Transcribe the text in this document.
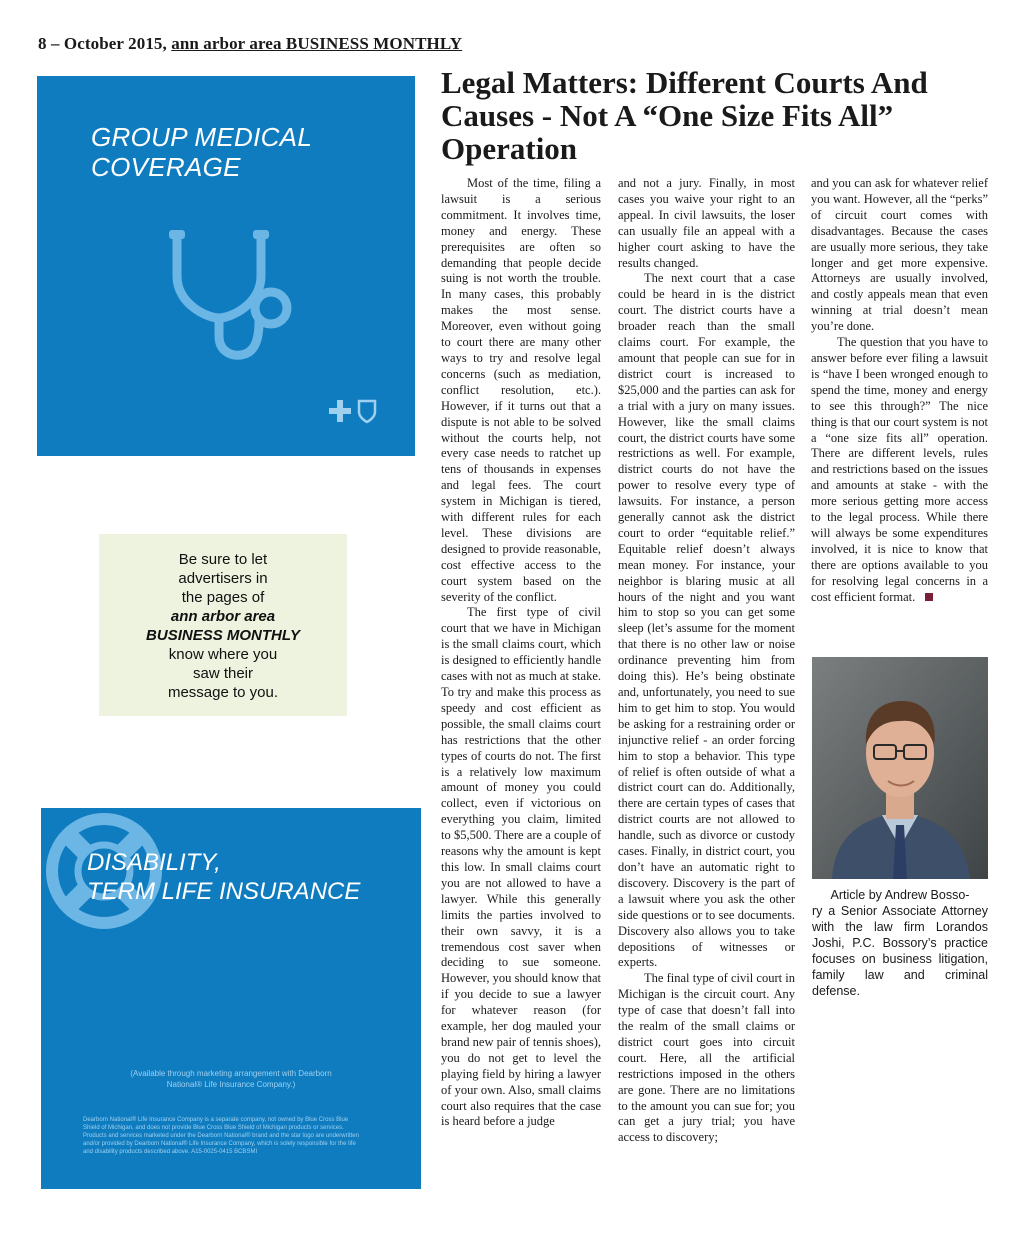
8 – October 2015, ann arbor area BUSINESS MONTHLY
GROUP MEDICAL
COVERAGE
Be sure to let
advertisers in
the pages of
ann arbor area
BUSINESS MONTHLY
know where you
saw their
message to you.
DISABILITY,
TERM LIFE INSURANCE
(Available through marketing arrangement with Dearborn National® Life Insurance Company.)
Dearborn National® Life Insurance Company is a separate company, not owned by Blue Cross Blue Shield of Michigan, and does not provide Blue Cross Blue Shield of Michigan products or services. Products and services marketed under the Dearborn National® brand and the star logo are underwritten and/or provided by Dearborn National® Life Insurance Company, which is solely responsible for the life and disability products described above. A15-0025-0415 BCBSMI
Legal Matters: Different Courts And Causes - Not A “One Size Fits All” Operation

Most of the time, filing a lawsuit is a serious commitment. It involves time, money and energy. These prerequisites are often so demanding that people decide suing is not worth the trouble. In many cases, this probably makes the most sense. Moreover, even without going to court there are many other ways to try and resolve legal concerns (such as mediation, conflict resolution, etc.). However, if it turns out that a dispute is not able to be solved without the courts help, not every case needs to ratchet up tens of thousands in expenses and legal fees. The court system in Michigan is tiered, with different rules for each level. These divisions are designed to provide reasonable, cost effective access to the court system based on the severity of the conflict.

The first type of civil court that we have in Michigan is the small claims court, which is designed to efficiently handle cases with not as much at stake. To try and make this process as speedy and cost efficient as possible, the small claims court has restrictions that the other types of courts do not. The first is a relatively low maximum amount of money you could collect, even if victorious on everything you claim, limited to $5,500. There are a couple of reasons why the amount is kept this low. In small claims court you are not allowed to have a lawyer. While this generally limits the parties involved to their own savvy, it is a tremendous cost saver when deciding to sue someone. However, you should know that if you decide to sue a lawyer for whatever reason (for example, her dog mauled your brand new pair of tennis shoes), you do not get to level the playing field by hiring a lawyer of your own. Also, small claims court also requires that the case is heard before a judge

and not a jury. Finally, in most cases you waive your right to an appeal. In civil lawsuits, the loser can usually file an appeal with a higher court asking to have the results changed.

The next court that a case could be heard in is the district court. The district courts have a broader reach than the small claims court. For example, the amount that people can sue for in district court is increased to $25,000 and the parties can ask for a trial with a jury on many issues. However, like the small claims court, the district courts have some restrictions as well. For example, district courts do not have the power to resolve every type of lawsuits. For instance, a person generally cannot ask the district court to order “equitable relief.” Equitable relief doesn’t always mean money. For instance, your neighbor is blaring music at all hours of the night and you want him to stop so you can get some sleep (let’s assume for the moment that there is no other law or noise ordinance preventing him from doing this). He’s being obstinate and, unfortunately, you need to sue him to get him to stop. You would be asking for a restraining order or injunctive relief - an order forcing him to stop a behavior. This type of relief is often outside of what a district court can do. Additionally, there are certain types of cases that district courts are not allowed to handle, such as divorce or custody cases. Finally, in district court, you don’t have an automatic right to discovery. Discovery is the part of a lawsuit where you ask the other side questions or to see documents. Discovery also allows you to take depositions of witnesses or experts.

The final type of civil court in Michigan is the circuit court. Any type of case that doesn’t fall into the realm of the small claims or district court goes into circuit court. Here, all the artificial restrictions imposed in the others are gone. There are no limitations to the amount you can sue for; you can get a jury trial; you have access to discovery;

and you can ask for whatever relief you want. However, all the “perks” of circuit court comes with disadvantages. Because the cases are usually more serious, they take longer and get more expensive. Attorneys are usually involved, and costly appeals mean that even winning at trial doesn’t mean you’re done.

The question that you have to answer before ever filing a lawsuit is “have I been wronged enough to spend the time, money and energy to see this through?” The nice thing is that our court system is not a “one size fits all” operation. There are different levels, rules and restrictions based on the issues and amounts at stake - with the more serious getting more access to the legal process. While there will always be some expenditures involved, it is nice to know that there are options available to you for resolving legal concerns in a cost efficient format.

Article by Andrew Bosso-
ry a Senior Associate Attorney with the law firm Lorandos Joshi, P.C. Bossory’s practice focuses on business litigation, family law and criminal defense.
